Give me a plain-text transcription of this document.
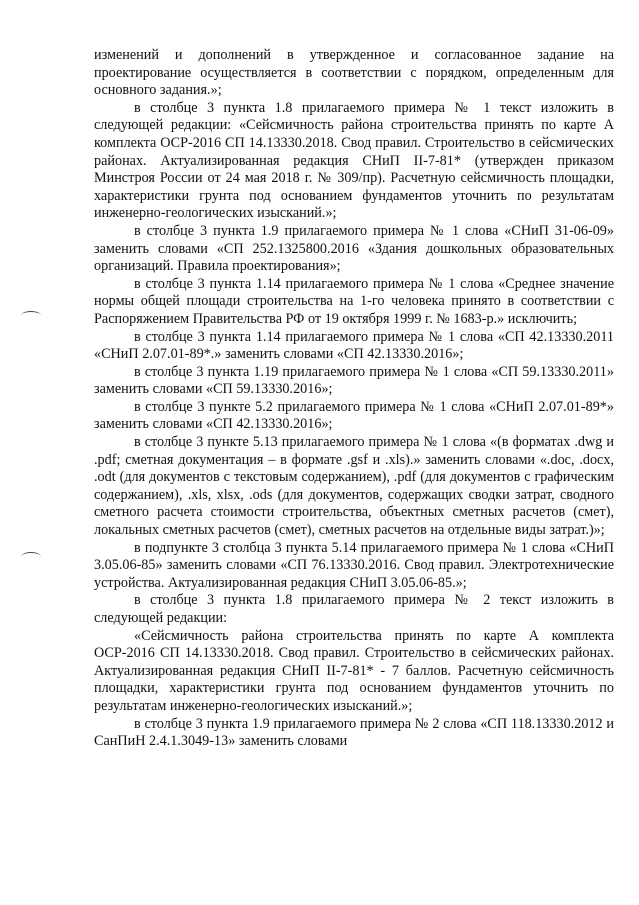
изменений и дополнений в утвержденное и согласованное задание на проектирование осуществляется в соответствии с порядком, определенным для основного задания.»;

в столбце 3 пункта 1.8 прилагаемого примера № 1 текст изложить в следующей редакции: «Сейсмичность района строительства принять по карте А комплекта ОСР-2016 СП 14.13330.2018. Свод правил. Строительство в сейсмических районах. Актуализированная редакция СНиП II-7-81* (утвержден приказом Минстроя России от 24 мая 2018 г. № 309/пр). Расчетную сейсмичность площадки, характеристики грунта под основанием фундаментов уточнить по результатам инженерно-геологических изысканий.»;

в столбце 3 пункта 1.9 прилагаемого примера № 1 слова «СНиП 31-06-09» заменить словами «СП 252.1325800.2016 «Здания дошкольных образовательных организаций. Правила проектирования»;

в столбце 3 пункта 1.14 прилагаемого примера № 1 слова «Среднее значение нормы общей площади строительства на 1-го человека принято в соответствии с Распоряжением Правительства РФ от 19 октября 1999 г. № 1683-р.» исключить;

в столбце 3 пункта 1.14 прилагаемого примера № 1 слова «СП 42.13330.2011 «СНиП 2.07.01-89*.» заменить словами «СП 42.13330.2016»;

в столбце 3 пункта 1.19 прилагаемого примера № 1 слова «СП 59.13330.2011» заменить словами «СП 59.13330.2016»;

в столбце 3 пункте 5.2 прилагаемого примера № 1 слова «СНиП 2.07.01-89*» заменить словами «СП 42.13330.2016»;

в столбце 3 пункте 5.13 прилагаемого примера № 1 слова «(в форматах .dwg и .pdf; сметная документация – в формате .gsf и .xls).» заменить словами «.doc, .docx, .odt (для документов с текстовым содержанием), .pdf (для документов с графическим содержанием), .xls, xlsx, .ods (для документов, содержащих сводки затрат, сводного сметного расчета стоимости строительства, объектных сметных расчетов (смет), локальных сметных расчетов (смет), сметных расчетов на отдельные виды затрат.)»;

в подпункте 3 столбца 3 пункта 5.14 прилагаемого примера № 1 слова «СНиП 3.05.06-85» заменить словами «СП 76.13330.2016. Свод правил. Электротехнические устройства. Актуализированная редакция СНиП 3.05.06-85.»;

в столбце 3 пункта 1.8 прилагаемого примера № 2 текст изложить в следующей редакции:

«Сейсмичность района строительства принять по карте А комплекта ОСР-2016 СП 14.13330.2018. Свод правил. Строительство в сейсмических районах. Актуализированная редакция СНиП II-7-81* - 7 баллов. Расчетную сейсмичность площадки, характеристики грунта под основанием фундаментов уточнить по результатам инженерно-геологических изысканий.»;

в столбце 3 пункта 1.9 прилагаемого примера № 2 слова «СП 118.13330.2012 и СанПиН 2.4.1.3049-13» заменить словами
